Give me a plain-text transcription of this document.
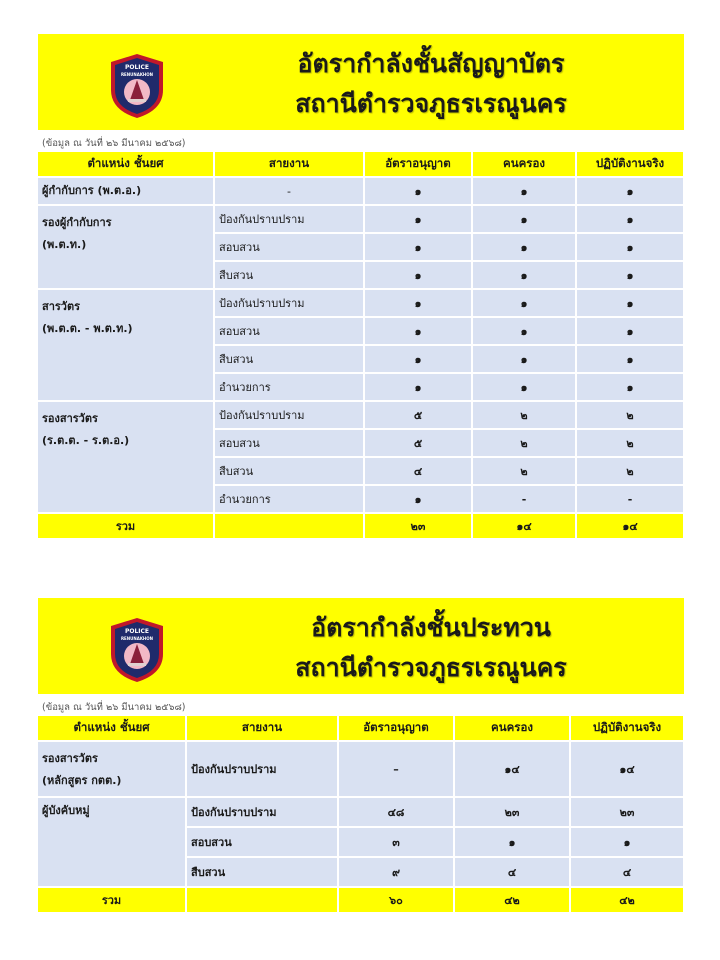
POLICE
RENUNAKHON	อัตรากำลังชั้นสัญญาบัตร
สถานีตำรวจภูธรเรณูนคร
(ข้อมูล ณ วันที่ ๒๖ มีนาคม ๒๕๖๘)
ตำแหน่ง ชั้นยศ	สายงาน	อัตราอนุญาต	คนครอง	ปฏิบัติงานจริง
ผู้กำกับการ (พ.ต.อ.)	-	๑	๑	๑
รองผู้กำกับการ
(พ.ต.ท.)	ป้องกันปราบปราม	๑	๑	๑
	สอบสวน	๑	๑	๑
	สืบสวน	๑	๑	๑
สารวัตร
(พ.ต.ต. - พ.ต.ท.)	ป้องกันปราบปราม	๑	๑	๑
	สอบสวน	๑	๑	๑
	สืบสวน	๑	๑	๑
	อำนวยการ	๑	๑	๑
รองสารวัตร
(ร.ต.ต. - ร.ต.อ.)	ป้องกันปราบปราม	๕	๒	๒
	สอบสวน	๕	๒	๒
	สืบสวน	๔	๒	๒
	อำนวยการ	๑	-	-
รวม		๒๓	๑๔	๑๔
POLICE
RENUNAKHON	อัตรากำลังชั้นประทวน
สถานีตำรวจภูธรเรณูนคร
(ข้อมูล ณ วันที่ ๒๖ มีนาคม ๒๕๖๘)
ตำแหน่ง ชั้นยศ	สายงาน	อัตราอนุญาต	คนครอง	ปฏิบัติงานจริง
รองสารวัตร
(หลักสูตร กตต.)	ป้องกันปราบปราม	–	๑๔	๑๔
ผู้บังคับหมู่	ป้องกันปราบปราม	๔๘	๒๓	๒๓
	สอบสวน	๓	๑	๑
	สืบสวน	๙	๔	๔
รวม		๖๐	๔๒	๔๒
